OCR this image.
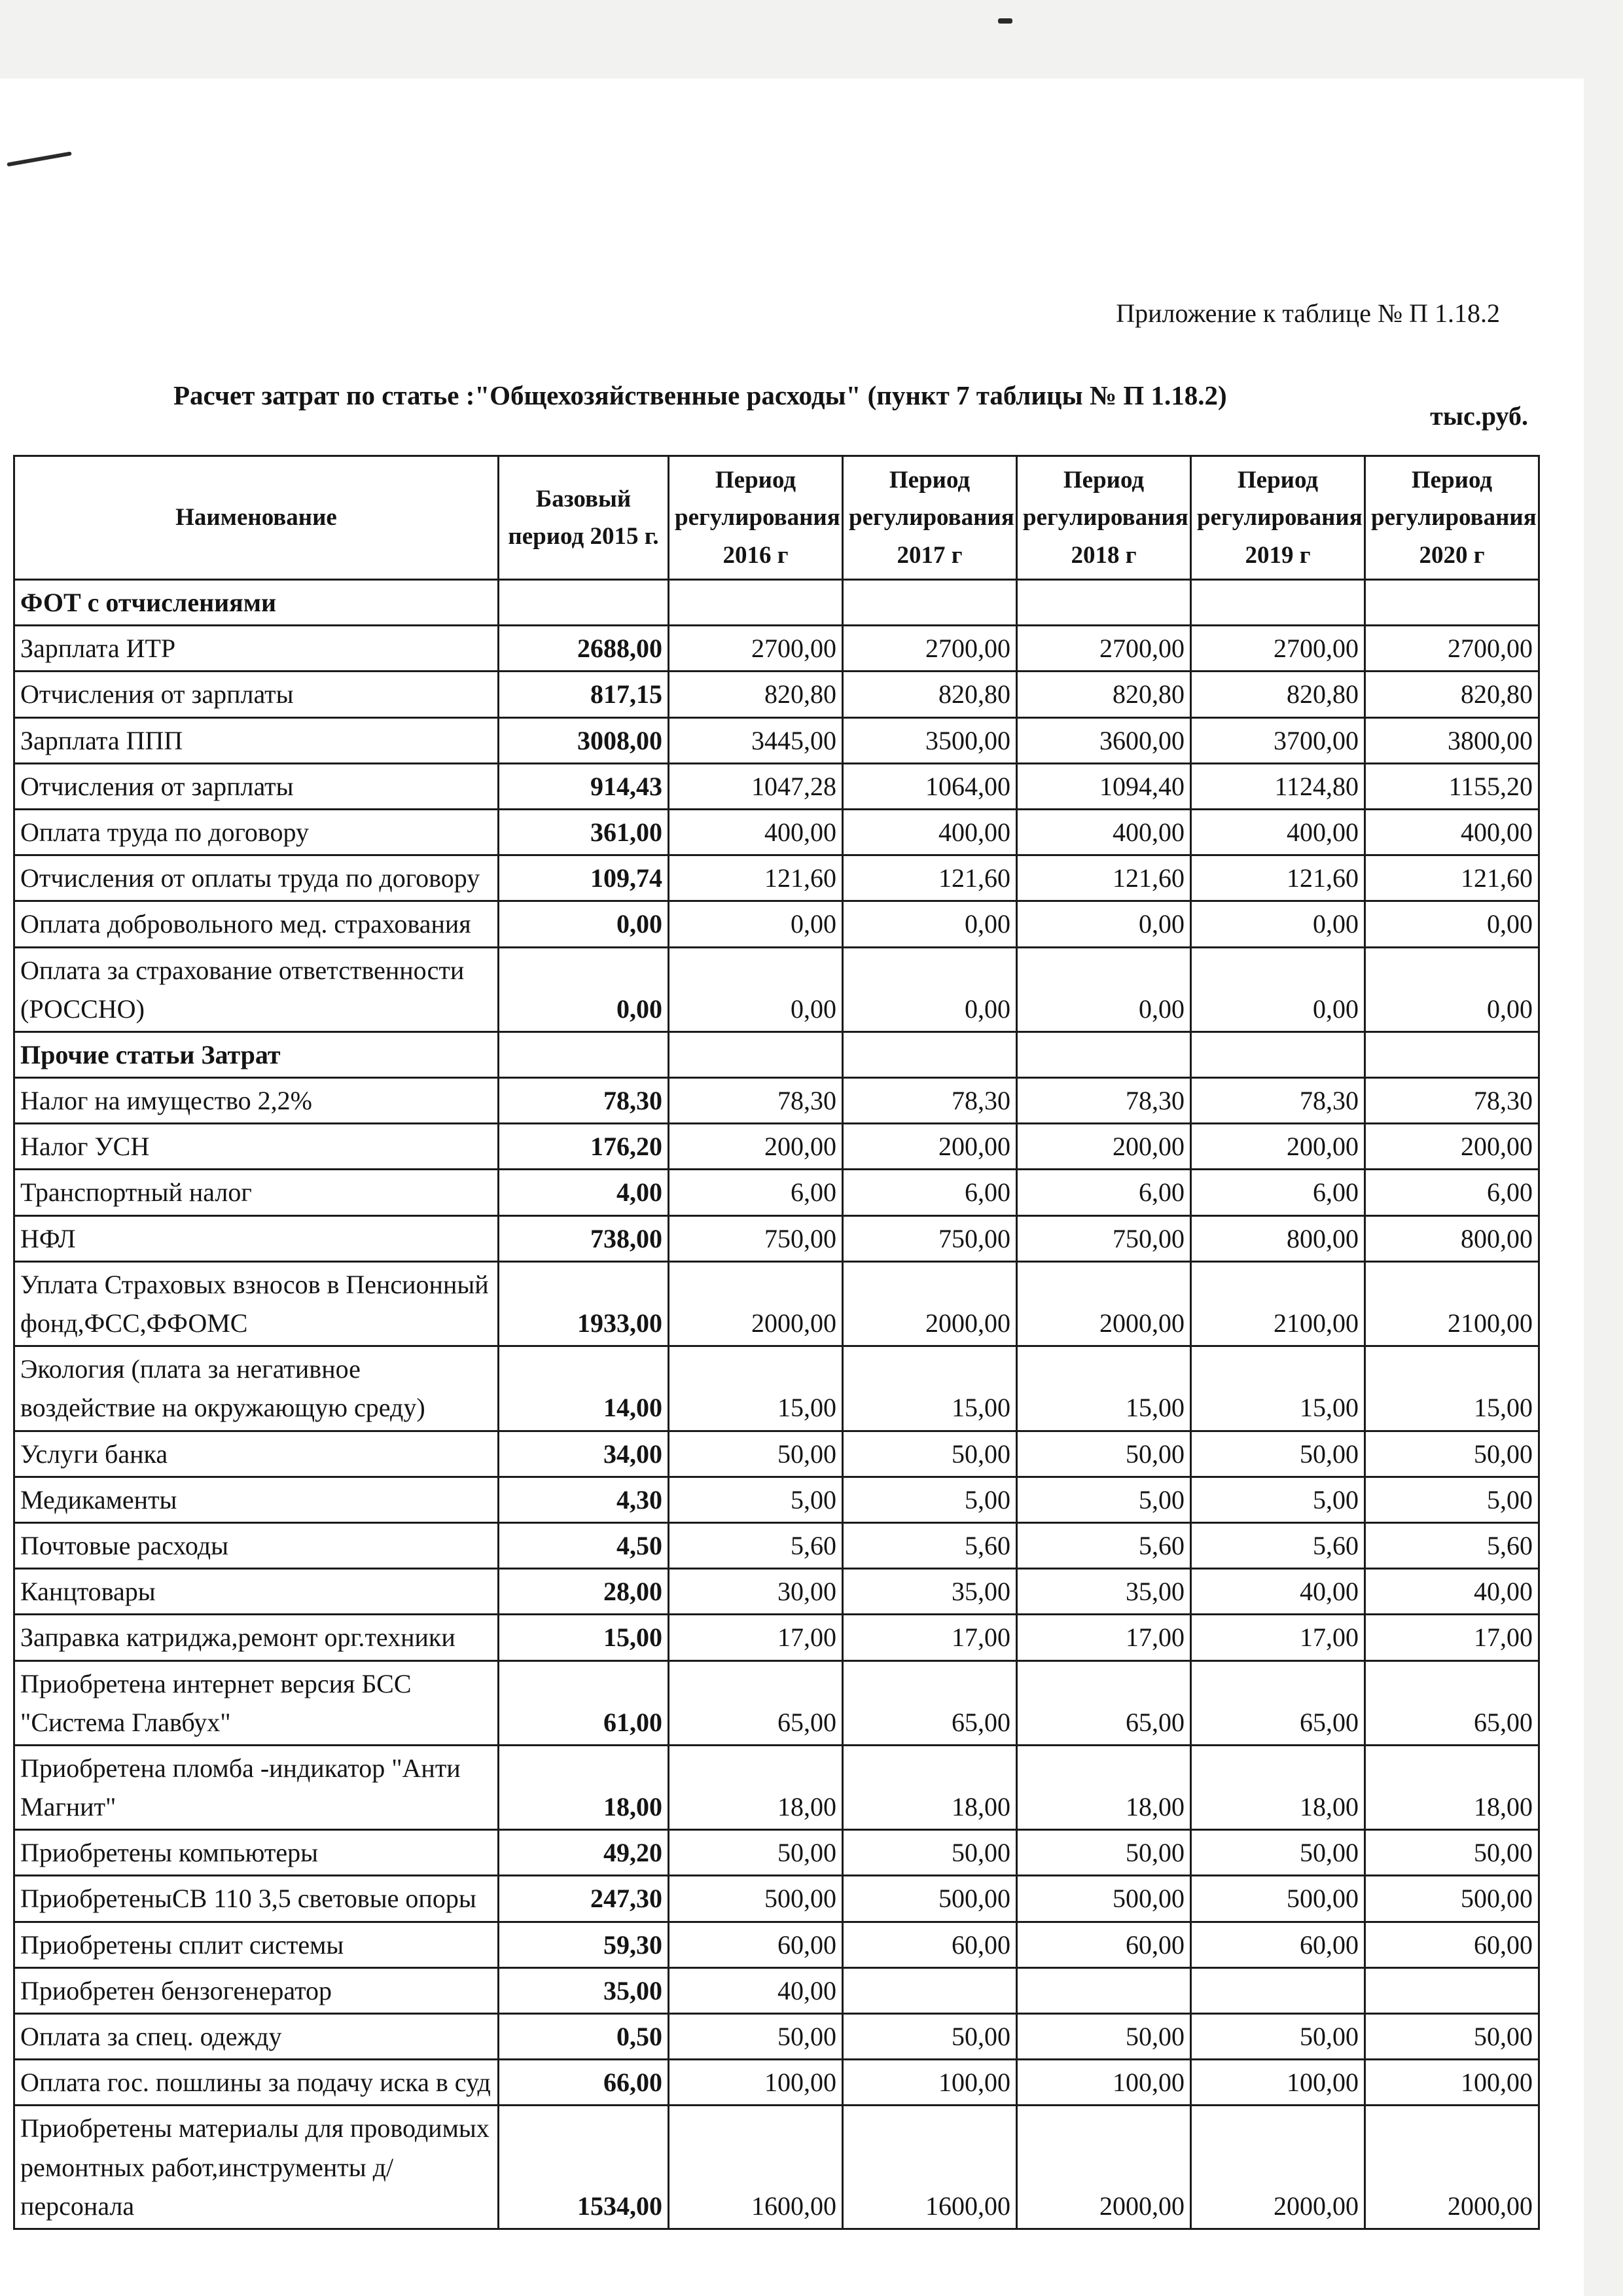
Приложение к таблице № П 1.18.2
Расчет затрат по статье :"Общехозяйственные расходы" (пункт 7 таблицы № П 1.18.2)
тыс.руб.
Наименование	Базовый период 2015 г.	Период регулирования 2016 г	Период регулирования 2017 г	Период регулирования 2018 г	Период регулирования 2019 г	Период регулирования 2020 г
ФОТ с отчислениями						
Зарплата ИТР	2688,00	2700,00	2700,00	2700,00	2700,00	2700,00
Отчисления от зарплаты	817,15	820,80	820,80	820,80	820,80	820,80
Зарплата ППП	3008,00	3445,00	3500,00	3600,00	3700,00	3800,00
Отчисления от зарплаты	914,43	1047,28	1064,00	1094,40	1124,80	1155,20
Оплата труда по договору	361,00	400,00	400,00	400,00	400,00	400,00
Отчисления от оплаты труда по договору	109,74	121,60	121,60	121,60	121,60	121,60
Оплата добровольного мед. страхования	0,00	0,00	0,00	0,00	0,00	0,00
Оплата за страхование ответственности (РОССНО)	0,00	0,00	0,00	0,00	0,00	0,00
Прочие статьи Затрат						
Налог на имущество 2,2%	78,30	78,30	78,30	78,30	78,30	78,30
Налог УСН	176,20	200,00	200,00	200,00	200,00	200,00
Транспортный налог	4,00	6,00	6,00	6,00	6,00	6,00
НФЛ	738,00	750,00	750,00	750,00	800,00	800,00
Уплата Страховых взносов в Пенсионный фонд,ФСС,ФФОМС	1933,00	2000,00	2000,00	2000,00	2100,00	2100,00
Экология (плата за негативное воздействие на окружающую среду)	14,00	15,00	15,00	15,00	15,00	15,00
Услуги банка	34,00	50,00	50,00	50,00	50,00	50,00
Медикаменты	4,30	5,00	5,00	5,00	5,00	5,00
Почтовые расходы	4,50	5,60	5,60	5,60	5,60	5,60
Канцтовары	28,00	30,00	35,00	35,00	40,00	40,00
Заправка катриджа,ремонт орг.техники	15,00	17,00	17,00	17,00	17,00	17,00
Приобретена интернет версия БСС "Система Главбух"	61,00	65,00	65,00	65,00	65,00	65,00
Приобретена пломба -индикатор "Анти Магнит"	18,00	18,00	18,00	18,00	18,00	18,00
Приобретены компьютеры	49,20	50,00	50,00	50,00	50,00	50,00
ПриобретеныСВ 110 3,5 световые опоры	247,30	500,00	500,00	500,00	500,00	500,00
Приобретены сплит системы	59,30	60,00	60,00	60,00	60,00	60,00
Приобретен бензогенератор	35,00	40,00				
Оплата за спец. одежду	0,50	50,00	50,00	50,00	50,00	50,00
Оплата гос. пошлины за подачу иска в суд	66,00	100,00	100,00	100,00	100,00	100,00
Приобретены материалы для проводимых ремонтных работ,инструменты д/персонала	1534,00	1600,00	1600,00	2000,00	2000,00	2000,00
